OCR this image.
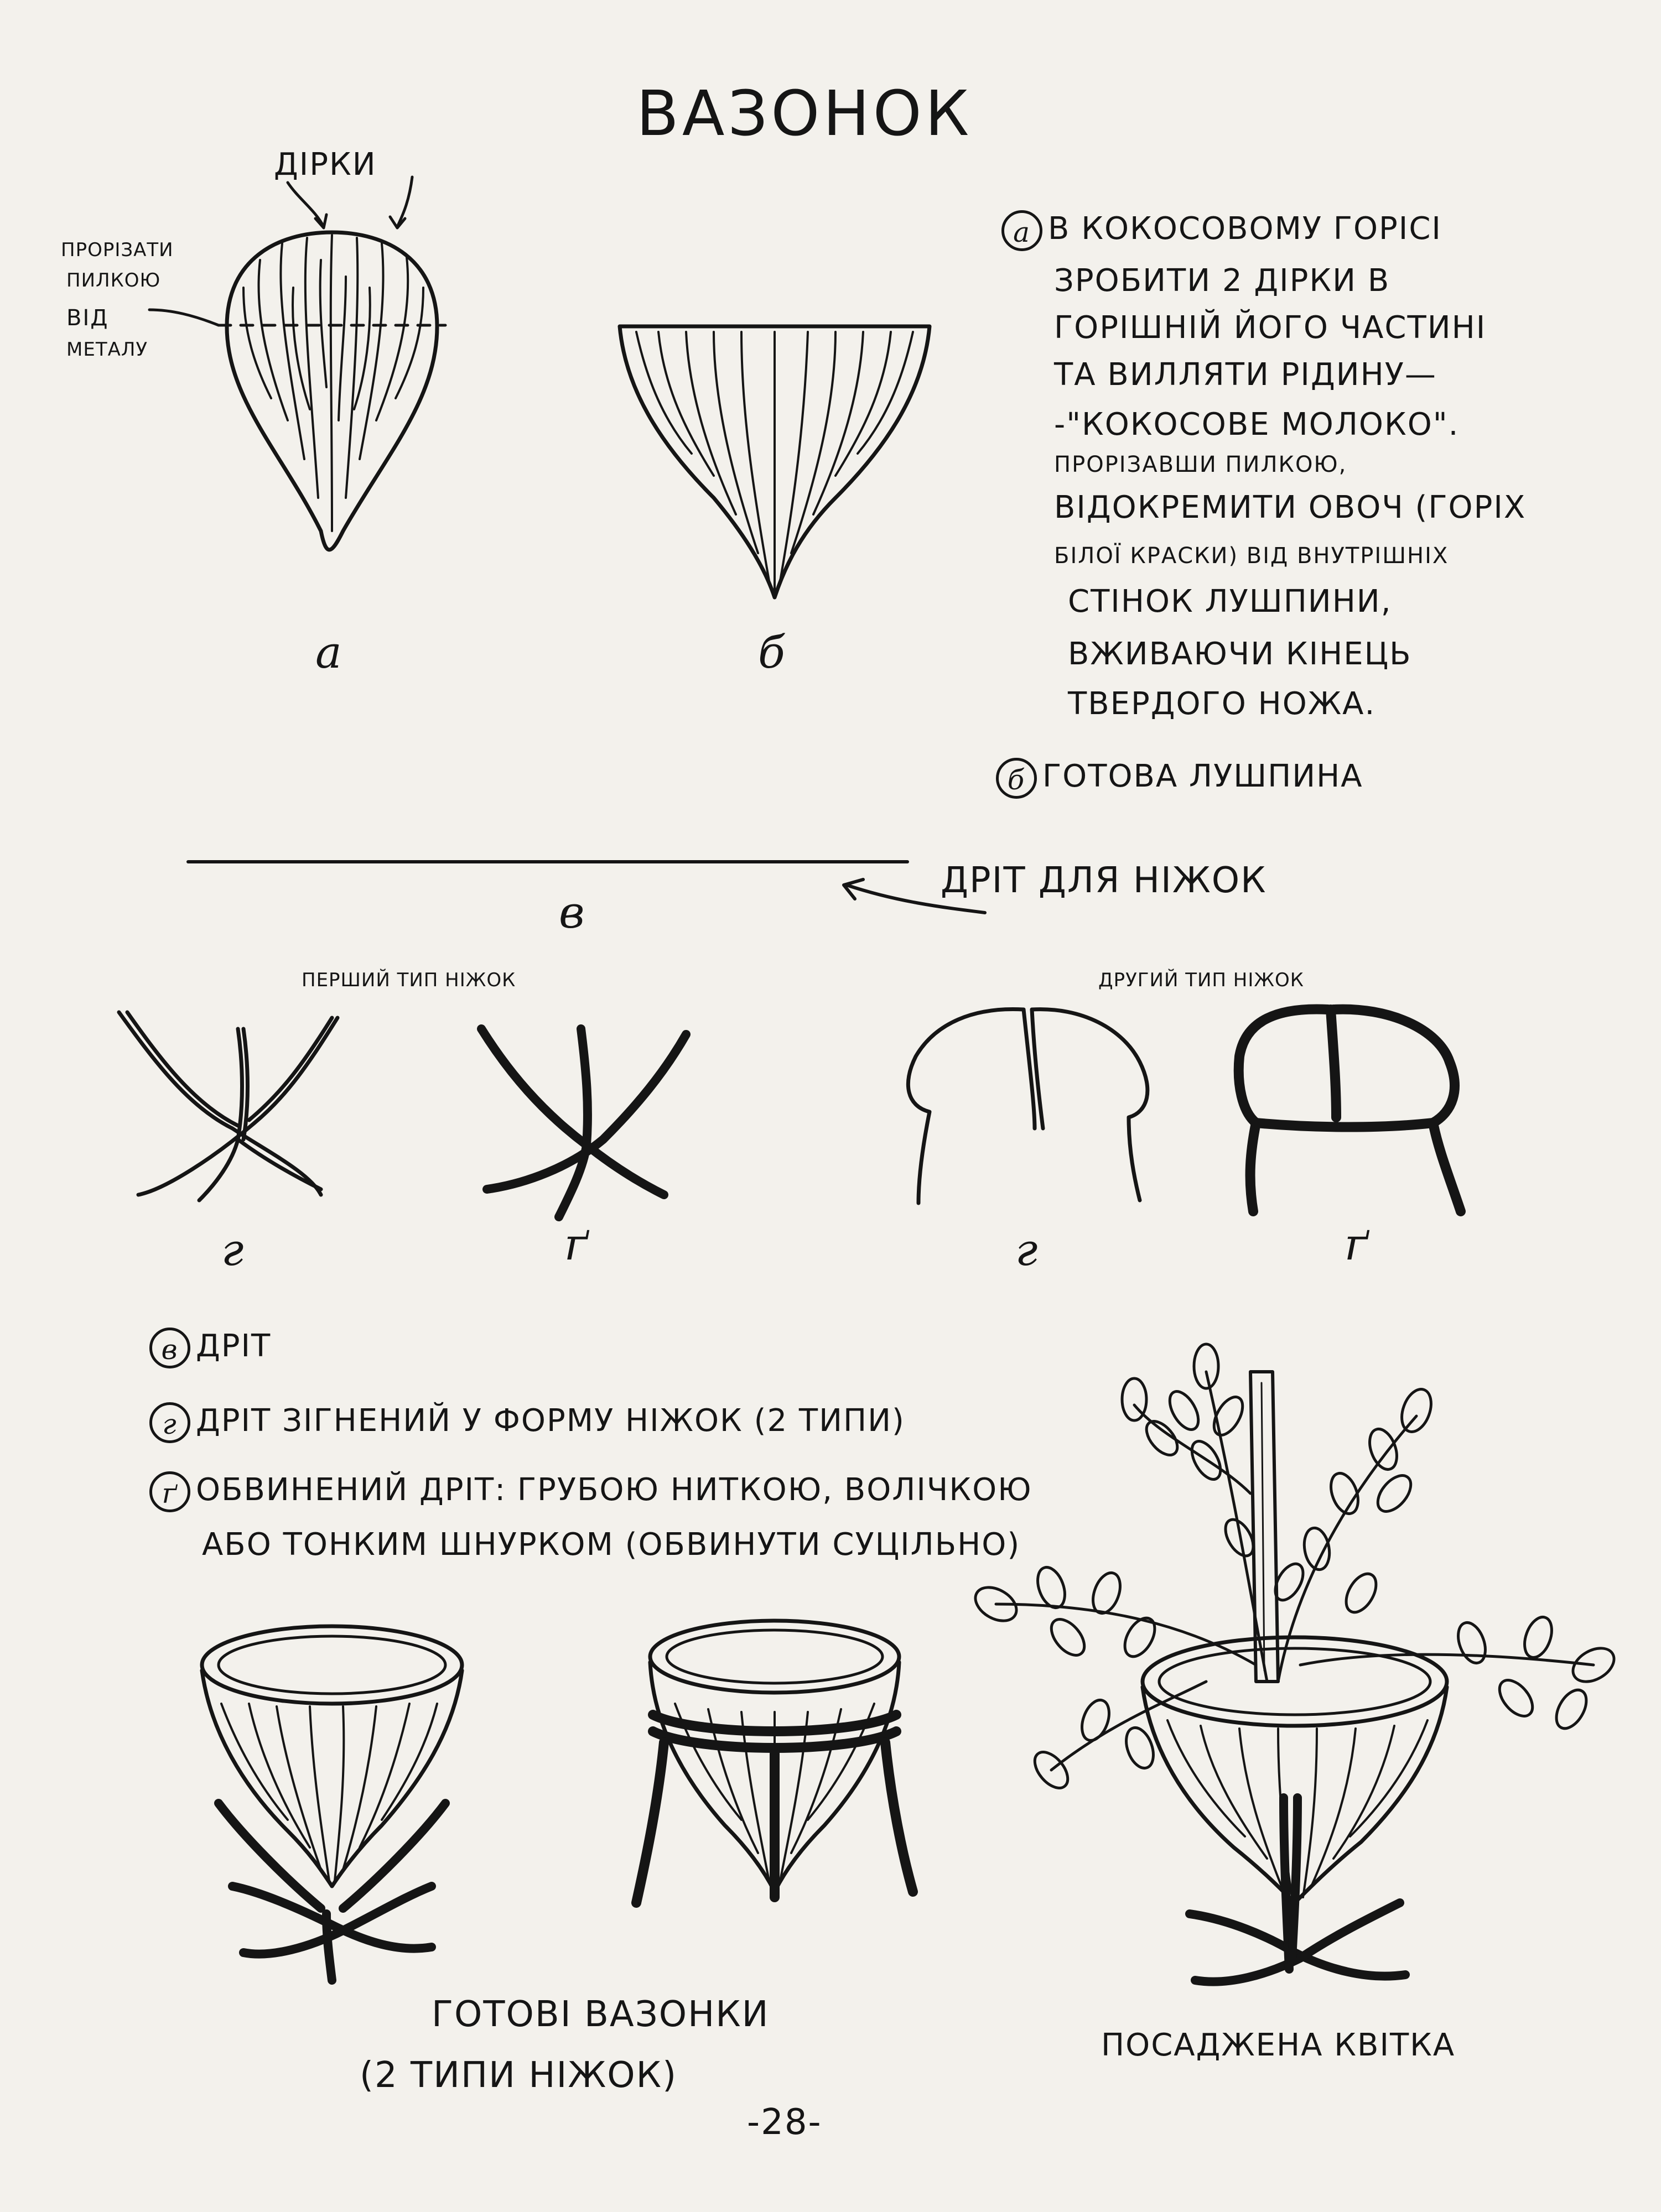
ВАЗОНОК
ДІРКИ
ПРОРІЗАТИ
ПИЛКОЮ
ВІД
МЕТАЛУ
а	б
а В КОКОСОВОМУ ГОРІСІ
ЗРОБИТИ 2 ДІРКИ В
ГОРІШНІЙ ЙОГО ЧАСТИНІ
ТА ВИЛЛЯТИ РІДИНУ—
-"КОКОСОВЕ МОЛОКО".
ПРОРІЗАВШИ ПИЛКОЮ,
ВІДОКРЕМИТИ ОВОЧ (ГОРІХ
БІЛОЇ КРАСКИ) ВІД ВНУТРІШНІХ
СТІНОК ЛУШПИНИ,
ВЖИВАЮЧИ КІНЕЦЬ
ТВЕРДОГО НОЖА.
б ГОТОВА ЛУШПИНА
ДРІТ ДЛЯ НІЖОК
в
ПЕРШИЙ ТИП НІЖОК	ДРУГИЙ ТИП НІЖОК
г	ґ	г	ґ
в ДРІТ
г ДРІТ ЗІГНЕНИЙ У ФОРМУ НІЖОК (2 ТИПИ)
ґ ОБВИНЕНИЙ ДРІТ: ГРУБОЮ НИТКОЮ, ВОЛІЧКОЮ
АБО ТОНКИМ ШНУРКОМ (ОБВИНУТИ СУЦІЛЬНО)
ГОТОВІ ВАЗОНКИ
(2 ТИПИ НІЖОК)
ПОСАДЖЕНА КВІТКА
-28-
